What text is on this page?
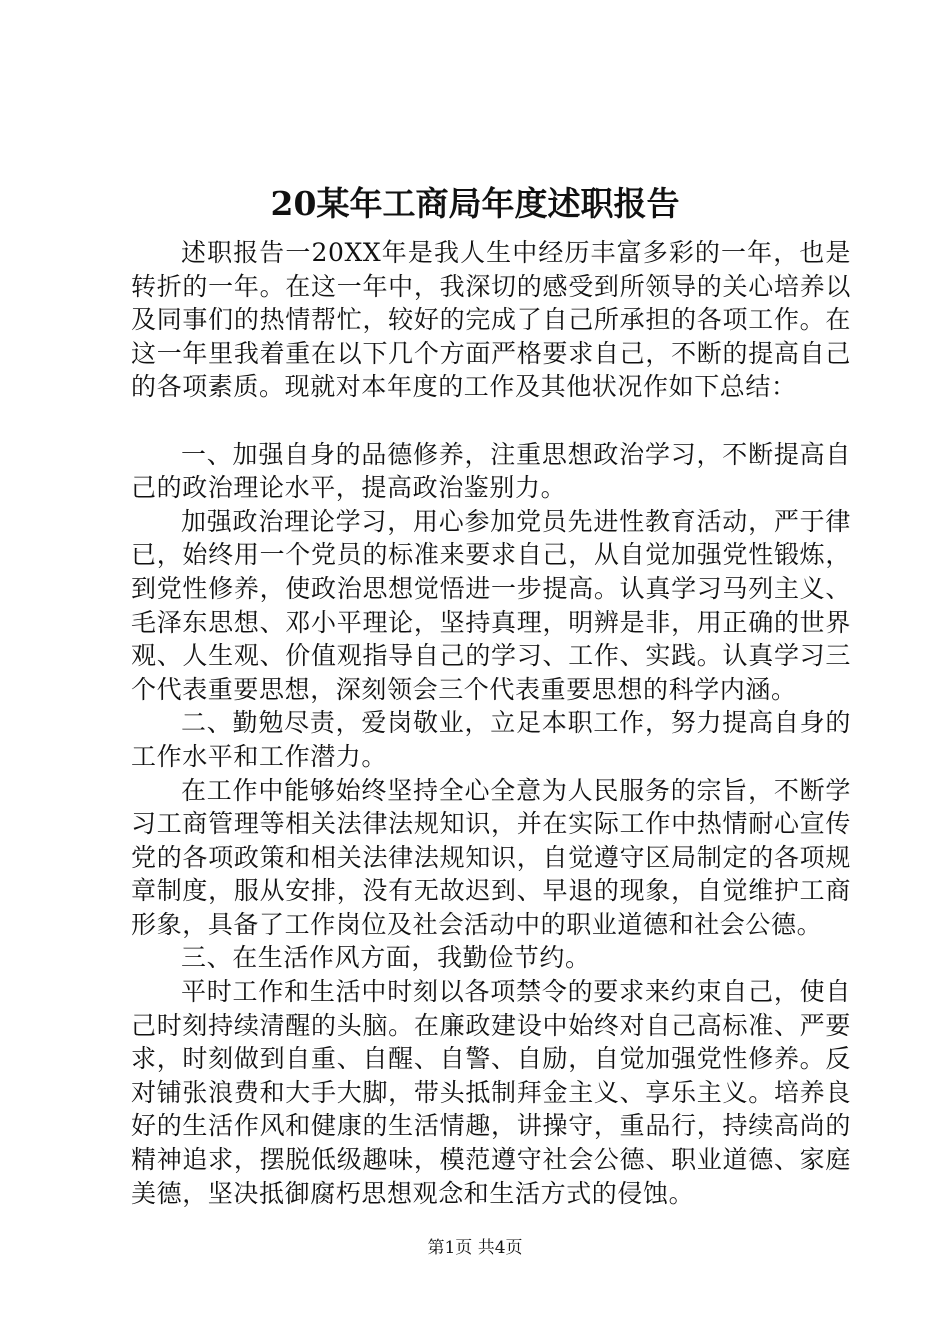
20某年工商局年度述职报告

述职报告一20XX年是我人生中经历丰富多彩的一年，也是转折的一年。在这一年中，我深切的感受到所领导的关心培养以及同事们的热情帮忙，较好的完成了自己所承担的各项工作。在这一年里我着重在以下几个方面严格要求自己，不断的提高自己的各项素质。现就对本年度的工作及其他状况作如下总结：

一、加强自身的品德修养，注重思想政治学习，不断提高自己的政治理论水平，提高政治鉴别力。

加强政治理论学习，用心参加党员先进性教育活动，严于律已，始终用一个党员的标准来要求自己，从自觉加强党性锻炼，到党性修养，使政治思想觉悟进一步提高。认真学习马列主义、毛泽东思想、邓小平理论，坚持真理，明辨是非，用正确的世界观、人生观、价值观指导自己的学习、工作、实践。认真学习三个代表重要思想，深刻领会三个代表重要思想的科学内涵。

二、勤勉尽责，爱岗敬业，立足本职工作，努力提高自身的工作水平和工作潜力。

在工作中能够始终坚持全心全意为人民服务的宗旨，不断学习工商管理等相关法律法规知识，并在实际工作中热情耐心宣传党的各项政策和相关法律法规知识，自觉遵守区局制定的各项规章制度，服从安排，没有无故迟到、早退的现象，自觉维护工商形象，具备了工作岗位及社会活动中的职业道德和社会公德。

三、在生活作风方面，我勤俭节约。

平时工作和生活中时刻以各项禁令的要求来约束自己，使自己时刻持续清醒的头脑。在廉政建设中始终对自己高标准、严要求，时刻做到自重、自醒、自警、自励，自觉加强党性修养。反对铺张浪费和大手大脚，带头抵制拜金主义、享乐主义。培养良好的生活作风和健康的生活情趣，讲操守，重品行，持续高尚的精神追求，摆脱低级趣味，模范遵守社会公德、职业道德、家庭美德，坚决抵御腐朽思想观念和生活方式的侵蚀。

第1页 共4页
